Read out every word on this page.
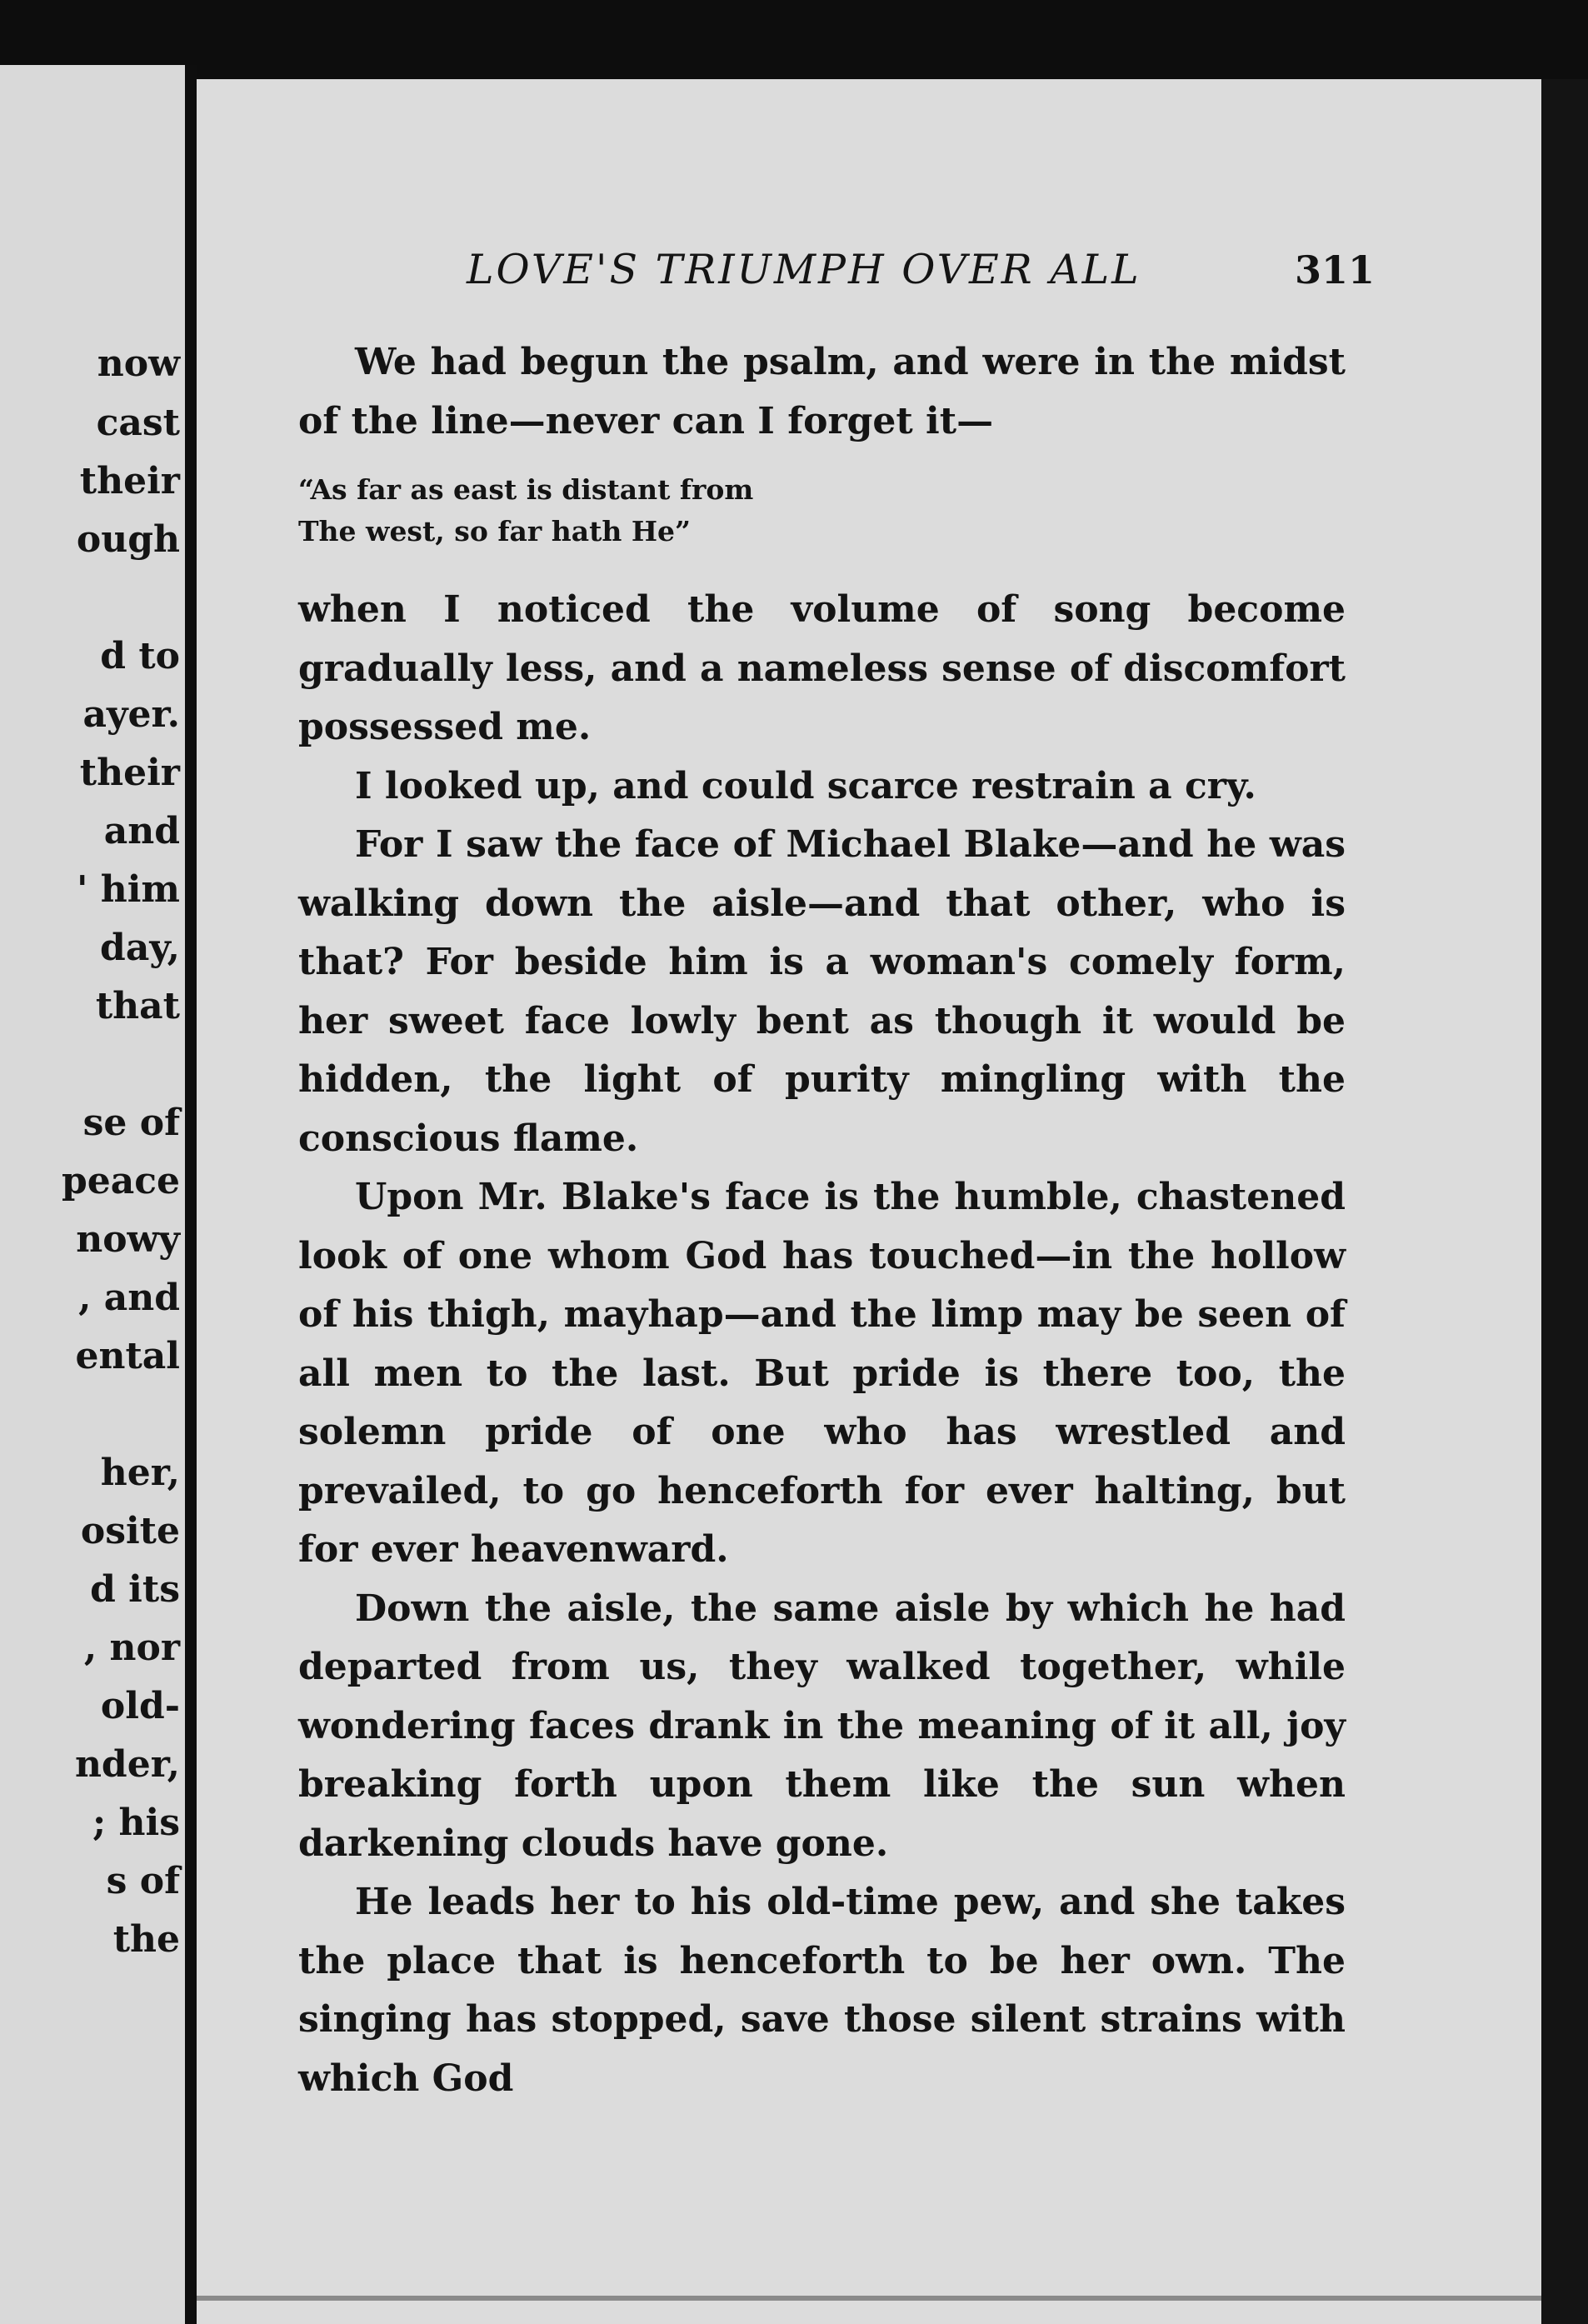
now
cast
their
ough
d to
ayer.
their
and
' him
day,
that
se of
peace
nowy
, and
ental
her,
osite
d its
, nor
old-
nder,
; his
s of
the
LOVE'S TRIUMPH OVER ALL	311

We had begun the psalm, and were in the midst of the line—never can I forget it—

“As far as east is distant from
The west, so far hath He”

when I noticed the volume of song become gradually less, and a nameless sense of discomfort possessed me.

I looked up, and could scarce restrain a cry.

For I saw the face of Michael Blake—and he was walking down the aisle—and that other, who is that? For beside him is a woman's comely form, her sweet face lowly bent as though it would be hidden, the light of purity mingling with the conscious flame.

Upon Mr. Blake's face is the humble, chastened look of one whom God has touched—in the hollow of his thigh, mayhap—and the limp may be seen of all men to the last. But pride is there too, the solemn pride of one who has wrestled and prevailed, to go henceforth for ever halting, but for ever heavenward.

Down the aisle, the same aisle by which he had departed from us, they walked together, while wondering faces drank in the meaning of it all, joy breaking forth upon them like the sun when darkening clouds have gone.

He leads her to his old-time pew, and she takes the place that is henceforth to be her own. The singing has stopped, save those silent strains with which God
